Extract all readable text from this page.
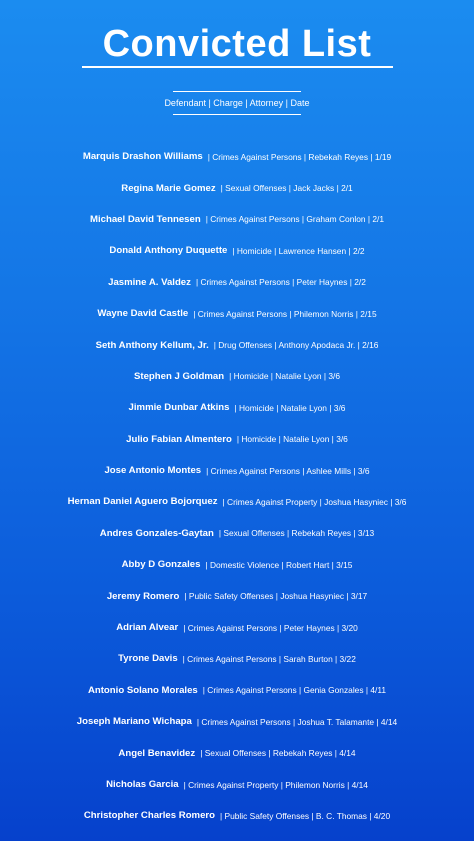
Convicted List
Defendant | Charge | Attorney | Date
Marquis Drashon Williams | Crimes Against Persons | Rebekah Reyes | 1/19
Regina Marie Gomez | Sexual Offenses | Jack Jacks | 2/1
Michael David Tennesen | Crimes Against Persons | Graham Conlon | 2/1
Donald Anthony Duquette | Homicide | Lawrence Hansen | 2/2
Jasmine A. Valdez | Crimes Against Persons | Peter Haynes | 2/2
Wayne David Castle | Crimes Against Persons | Philemon Norris | 2/15
Seth Anthony Kellum, Jr. | Drug Offenses | Anthony Apodaca Jr. | 2/16
Stephen J Goldman | Homicide | Natalie Lyon | 3/6
Jimmie Dunbar Atkins | Homicide | Natalie Lyon | 3/6
Julio Fabian Almentero | Homicide | Natalie Lyon | 3/6
Jose Antonio Montes | Crimes Against Persons | Ashlee Mills | 3/6
Hernan Daniel Aguero Bojorquez | Crimes Against Property | Joshua Hasyniec | 3/6
Andres Gonzales-Gaytan | Sexual Offenses | Rebekah Reyes | 3/13
Abby D Gonzales | Domestic Violence | Robert Hart | 3/15
Jeremy Romero | Public Safety Offenses | Joshua Hasyniec | 3/17
Adrian Alvear | Crimes Against Persons | Peter Haynes | 3/20
Tyrone Davis | Crimes Against Persons | Sarah Burton | 3/22
Antonio Solano Morales | Crimes Against Persons | Genia Gonzales | 4/11
Joseph Mariano Wichapa | Crimes Against Persons | Joshua T. Talamante | 4/14
Angel Benavidez | Sexual Offenses | Rebekah Reyes | 4/14
Nicholas Garcia | Crimes Against Property | Philemon Norris | 4/14
Christopher Charles Romero | Public Safety Offenses | B. C. Thomas | 4/20
